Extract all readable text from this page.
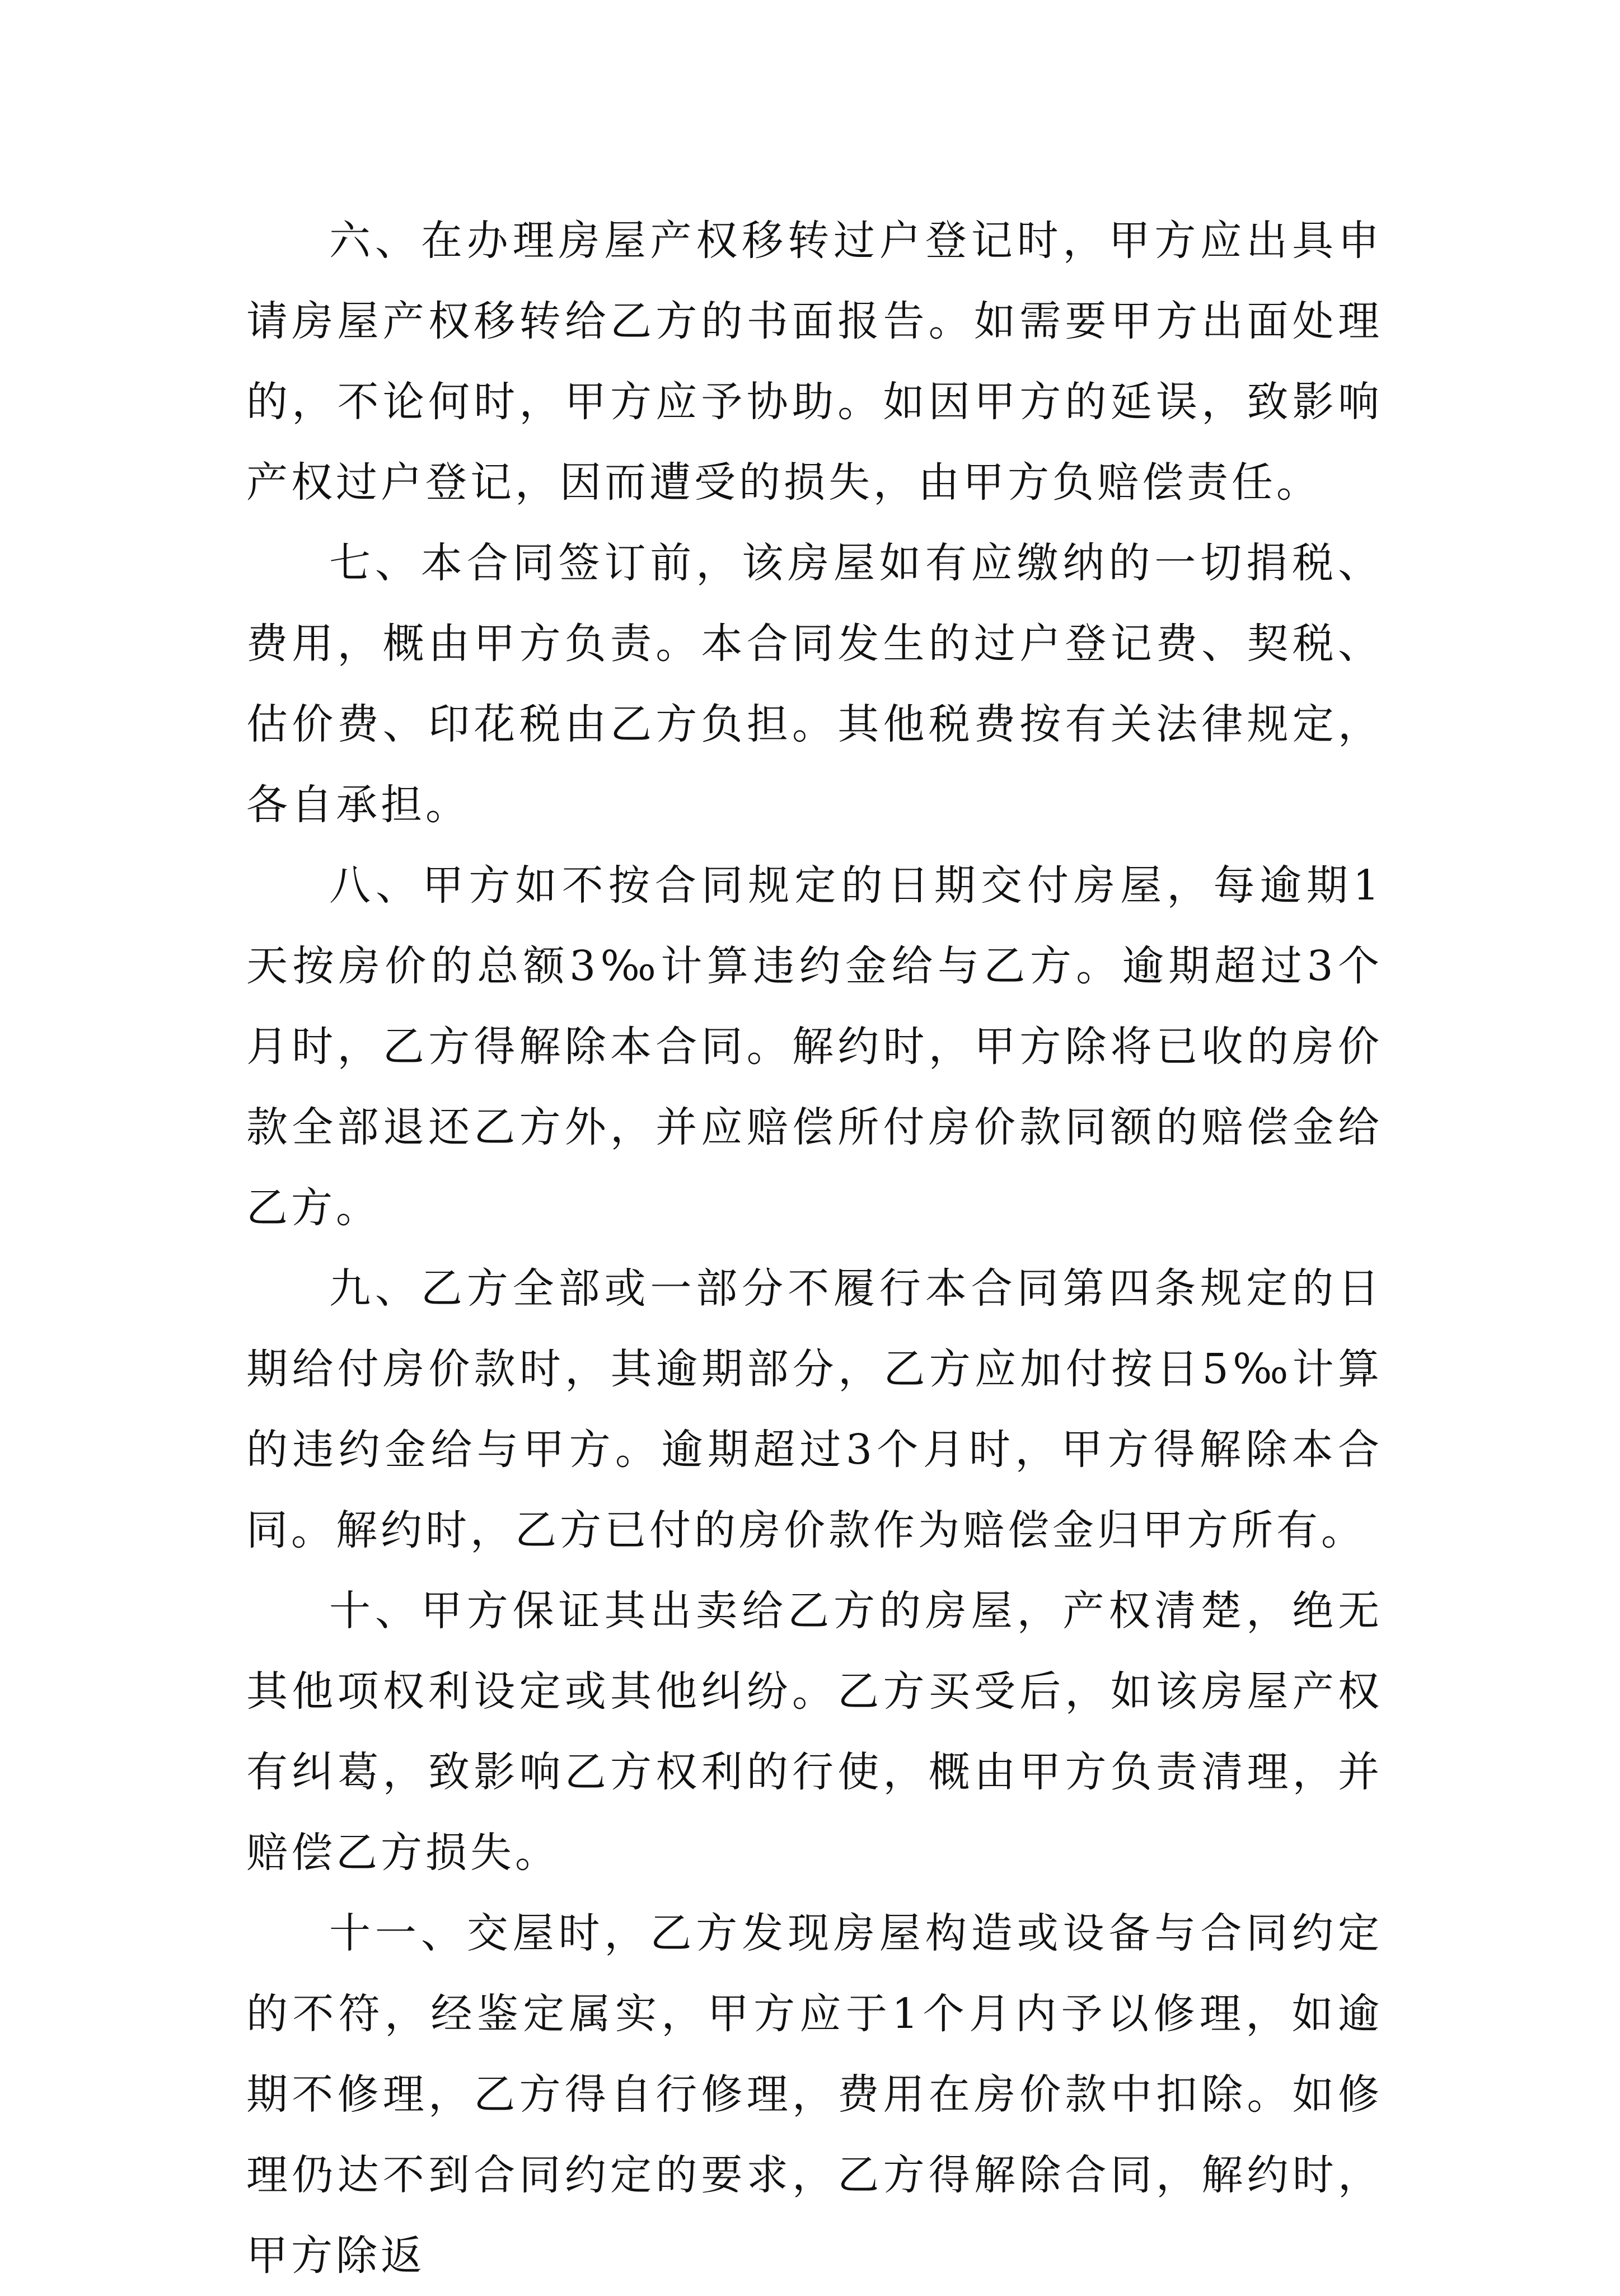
六、在办理房屋产权移转过户登记时，甲方应出具申请房屋产权移转给乙方的书面报告。如需要甲方出面处理的，不论何时，甲方应予协助。如因甲方的延误，致影响产权过户登记，因而遭受的损失，由甲方负赔偿责任。

七、本合同签订前，该房屋如有应缴纳的一切捐税、费用，概由甲方负责。本合同发生的过户登记费、契税、估价费、印花税由乙方负担。其他税费按有关法律规定，各自承担。

八、甲方如不按合同规定的日期交付房屋，每逾期1天按房价的总额3‰计算违约金给与乙方。逾期超过3个月时，乙方得解除本合同。解约时，甲方除将已收的房价款全部退还乙方外，并应赔偿所付房价款同额的赔偿金给乙方。

九、乙方全部或一部分不履行本合同第四条规定的日期给付房价款时，其逾期部分，乙方应加付按日5‰计算的违约金给与甲方。逾期超过3个月时，甲方得解除本合同。解约时，乙方已付的房价款作为赔偿金归甲方所有。

十、甲方保证其出卖给乙方的房屋，产权清楚，绝无其他项权利设定或其他纠纷。乙方买受后，如该房屋产权有纠葛，致影响乙方权利的行使，概由甲方负责清理，并赔偿乙方损失。

十一、交屋时，乙方发现房屋构造或设备与合同约定的不符，经鉴定属实，甲方应于1个月内予以修理，如逾期不修理，乙方得自行修理，费用在房价款中扣除。如修理仍达不到合同约定的要求，乙方得解除合同，解约时，甲方除返
